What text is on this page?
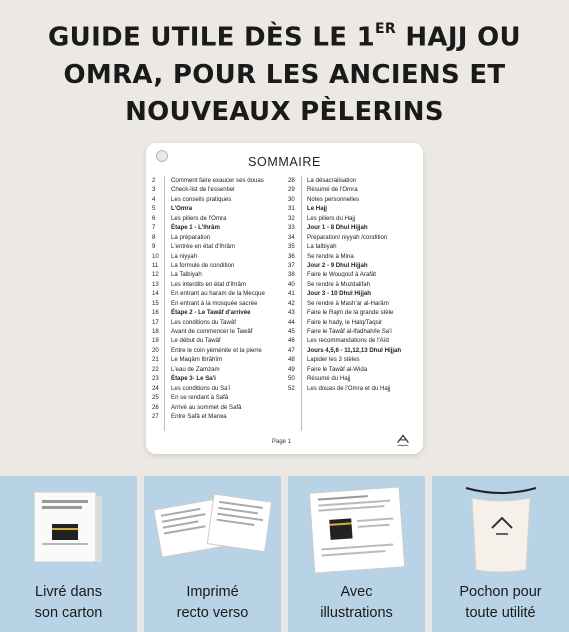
GUIDE UTILE DÈS LE 1ER HAJJ OU
OMRA, POUR LES ANCIENS ET
NOUVEAUX PÈLERINS
SOMMAIRE
2	Comment faire exaucer ses douas
3	Check-list de l'essentiel
4	Les conseils pratiques
5	L'Omra
6	Les piliers de l'Omra
7	Étape 1 - L'Ihrâm
8	La préparation
9	L'entrée en état d'Ihrâm
10	La niyyah
11	La formule de condition
12	La Talbiyah
13	Les interdits en état d'Ihrâm
14	En entrant au haram de la Mecque
15	En entrant à la mosquée sacrée
16	Étape 2 - Le Tawâf d'arrivée
17	Les conditions du Tawâf
18	Avant de commencer le Tawâf
19	Le début du Tawâf
20	Entre le coin yéménite et la pierre
21	Le Maqâm Ibrâhîm
22	L'eau de Zamzam
23	Étape 3- Le Sa'i
24	Les conditions du Sa'i
25	En se rendant à Safâ
26	Arrivé au sommet de Safâ
27	Entre Safâ et Marwa
28	La désacralisation
29	Résumé de l'Omra
30	Notes personnelles
31	Le Hajj
32	Les piliers du Hajj
33	Jour 1 - 8 Dhul Hijjah
34	Préparation/ niyyah /condition
35	La talbiyah
36	Se rendre à Mina
37	Jour 2 - 9 Dhul Hijjah
38	Faire le Wouqouf à Arafât
40	Se rendre à Muzdalifah
41	Jour 3 - 10 Dhul Hijjah
42	Se rendre à Mash'ar al-Harâm
43	Faire le Rajm de la grande stèle
44	Faire le hady, le Halq/Taqsir
45	Faire le Tawâf al-Ifadhah/le Sa'i
46	Les recommandations de l'Aïd
47	Jours 4,5,6 - 11,12,13 Dhul Hijjah
48	Lapider les 3 stèles
49	Faire le Tawâf al-Wida
50	Résumé du Hajj
52	Les douas de l'Omra et du Hajj
Page 1
Livré dans
son carton
Imprimé
recto verso
Avec
illustrations
Pochon pour
toute utilité
